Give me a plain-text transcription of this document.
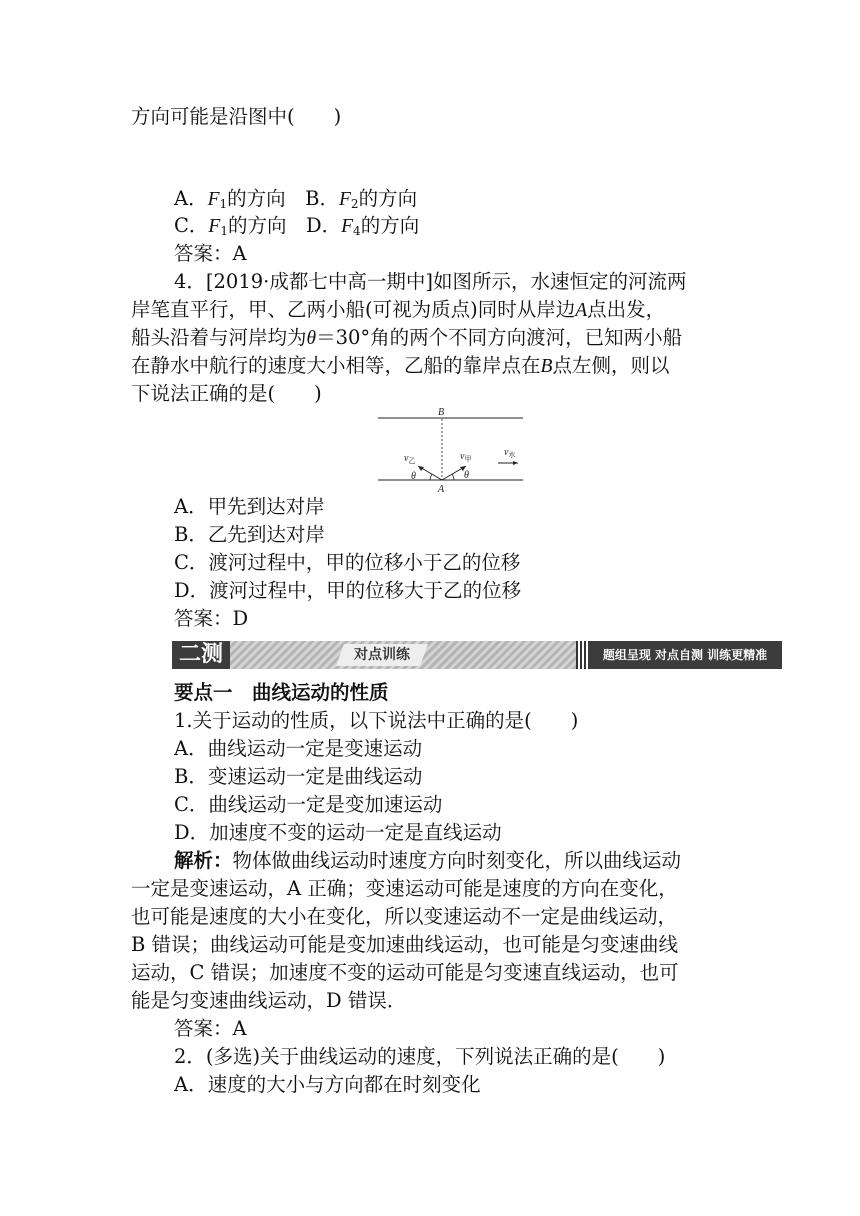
方向可能是沿图中(　　)
A．$F_1$的方向　B．$F_2$的方向
C．$F_1$的方向　D．$F_4$的方向
答案：A
4．[2019·成都七中高一期中]如图所示，水速恒定的河流两
岸笔直平行，甲、乙两小船(可视为质点)同时从岸边A点出发，
船头沿着与河岸均为θ＝30°角的两个不同方向渡河，已知两小船
在静水中航行的速度大小相等，乙船的靠岸点在B点左侧，则以
下说法正确的是(　　)
B
A
$v_乙$	$v_甲$
$v_水$
θ	θ
A．甲先到达对岸
B．乙先到达对岸
C．渡河过程中，甲的位移小于乙的位移
D．渡河过程中，甲的位移大于乙的位移
答案：D
二测	对点训练	题组呈现 对点自测 训练更精准
要点一　曲线运动的性质
1.关于运动的性质，以下说法中正确的是(　　)
A．曲线运动一定是变速运动
B．变速运动一定是曲线运动
C．曲线运动一定是变加速运动
D．加速度不变的运动一定是直线运动
解析：物体做曲线运动时速度方向时刻变化，所以曲线运动
一定是变速运动，A 正确；变速运动可能是速度的方向在变化，
也可能是速度的大小在变化，所以变速运动不一定是曲线运动，
B 错误；曲线运动可能是变加速曲线运动，也可能是匀变速曲线
运动，C 错误；加速度不变的运动可能是匀变速直线运动，也可
能是匀变速曲线运动，D 错误．
答案：A
2．(多选)关于曲线运动的速度，下列说法正确的是(　　)
A．速度的大小与方向都在时刻变化
